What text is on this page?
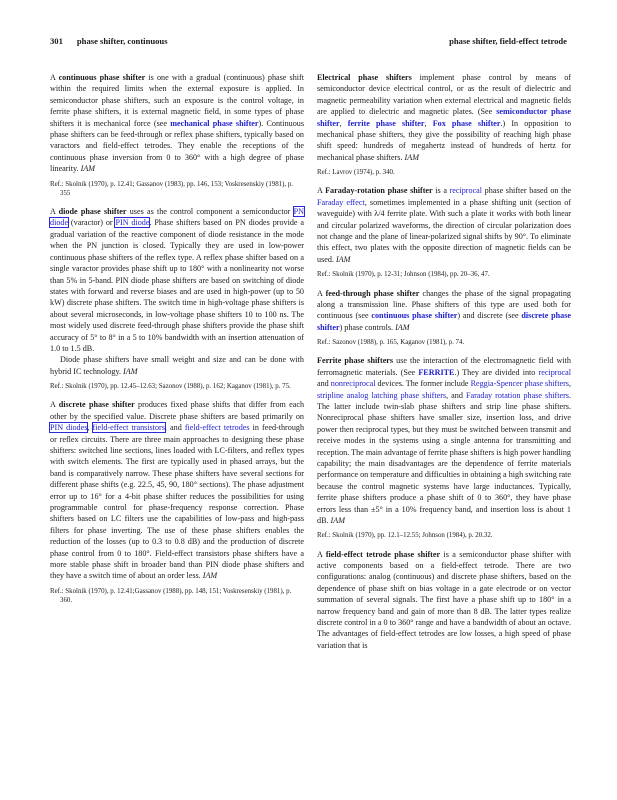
301 phase shifter, continuous	phase shifter, field-effect tetrode

A continuous phase shifter is one with a gradual (continuous) phase shift within the required limits when the external exposure is applied. In semiconductor phase shifters, such an exposure is the control voltage, in ferrite phase shifters, it is external magnetic field, in some types of phase shifters it is mechanical force (see mechanical phase shifter). Continuous phase shifters can be feed-through or reflex phase shifters, typically based on varactors and field-effect tetrodes. They enable the receptions of the continuous phase inversion from 0 to 360° with a high degree of phase linearity. IAM

Ref.: Skolnik (1970), p. 12.41; Gassanov (1983), pp. 146, 153; Voskresenskiy (1981), p. 355

A diode phase shifter uses as the control component a semiconductor PN diode (varactor) or PIN diode. Phase shifters based on PN diodes provide a gradual variation of the reactive component of diode resistance in the mode when the PN junction is closed. Typically they are used in low-power continuous phase shifters of the reflex type. A reflex phase shifter based on a single varactor provides phase shift up to 180° with a nonlinearity not worse than 5% in 5-band. PIN diode phase shifters are based on switching of diode states with forward and reverse biases and are used in high-power (up to 50 kW) discrete phase shifters. The switch time in high-voltage phase shifters is about several microseconds, in low-voltage phase shifters 10 to 100 ns. The most widely used discrete feed-through phase shifters provide the phase shift accuracy of 5° to 8° in a 5 to 10% bandwidth with an insertion attenuation of 1.0 to 1.5 dB.

Diode phase shifters have small weight and size and can be done with hybrid IC technology. IAM

Ref.: Skolnik (1970), pp. 12.45–12.63; Sazonov (1988), p. 162; Kaganov (1981), p. 75.

A discrete phase shifter produces fixed phase shifts that differ from each other by the specified value. Discrete phase shifters are based primarily on PIN diodes, field-effect transistors, and field-effect tetrodes in feed-through or reflex circuits. There are three main approaches to designing these phase shifters: switched line sections, lines loaded with LC-filters, and reflex types with switch elements. The first are typically used in phased arrays, but the band is comparatively narrow. These phase shifters have several sections for different phase shifts (e.g. 22.5, 45, 90, 180° sections). The phase adjustment error up to 16° for a 4-bit phase shifter reduces the possibilities for using programmable control for phase-frequency response correction. Phase shifters based on LC filters use the capabilities of low-pass and high-pass filters for phase inverting. The use of these phase shifters enables the reduction of the losses (up to 0.3 to 0.8 dB) and the production of discrete phase control from 0 to 180°. Field-effect transistors phase shifters have a more stable phase shift in broader band than PIN diode phase shifters and they have a switch time of about an order less. IAM

Ref.: Skolnik (1970), p. 12.41;Gassanov (1988), pp. 148, 151; Voskresenskiy (1981), p. 360.

Electrical phase shifters implement phase control by means of semiconductor device electrical control, or as the result of dielectric and magnetic permeability variation when external electrical and magnetic fields are applied to dielectric and magnetic plates. (See semiconductor phase shifter, ferrite phase shifter, Fox phase shifter.) In opposition to mechanical phase shifters, they give the possibility of reaching high phase shift speed: hundreds of megahertz instead of hundreds of hertz for mechanical phase shifters. IAM

Ref.: Lavrov (1974), p. 340.

A Faraday-rotation phase shifter is a reciprocal phase shifter based on the Faraday effect, sometimes implemented in a phase shifting unit (section of waveguide) with λ/4 ferrite plate. With such a plate it works with both linear and circular polarized waveforms, the direction of circular polarization does not change and the plane of linear-polarized signal shifts by 90°. To eliminate this effect, two plates with the opposite direction of magnetic fields can be used. IAM

Ref.: Skolnik (1970), p. 12-31; Johnson (1984), pp. 20–36, 47.

A feed-through phase shifter changes the phase of the signal propagating along a transmission line. Phase shifters of this type are used both for continuous (see continuous phase shifter) and discrete (see discrete phase shifter) phase controls. IAM

Ref.: Sazonov (1988), p. 165, Kaganov (1981), p. 74.

Ferrite phase shifters use the interaction of the electromagnetic field with ferromagnetic materials. (See FERRITE.) They are divided into reciprocal and nonreciprocal devices. The former include Reggia-Spencer phase shifters, stripline analog latching phase shifters, and Faraday rotation phase shifters. The latter include twin-slab phase shifters and strip line phase shifters. Nonreciprocal phase shifters have smaller size, insertion loss, and drive power then reciprocal types, but they must be switched between transmit and receive modes in the systems using a single antenna for transmitting and reception. The main advantage of ferrite phase shifters is high power handling capability; the main disadvantages are the dependence of ferrite materials performance on temperature and difficulties in obtaining a high switching rate because the control magnetic systems have large inductances. Typically, ferrite phase shifters produce a phase shift of 0 to 360°, they have phase errors less than ±5° in a 10% frequency band, and insertion loss is about 1 dB. IAM

Ref.: Skolnik (1970), pp. 12.1–12.55; Johnson (1984), p. 20.32.

A field-effect tetrode phase shifter is a semiconductor phase shifter with active components based on a field-effect tetrode. There are two configurations: analog (continuous) and discrete phase shifters, based on the dependence of phase shift on bias voltage in a gate electrode or on vector summation of several signals. The first have a phase shift up to 180° in a narrow frequency band and gain of more than 8 dB. The latter types realize discrete control in a 0 to 360° range and have a bandwidth of about an octave. The advantages of field-effect tetrodes are low losses, a high speed of phase variation that is
